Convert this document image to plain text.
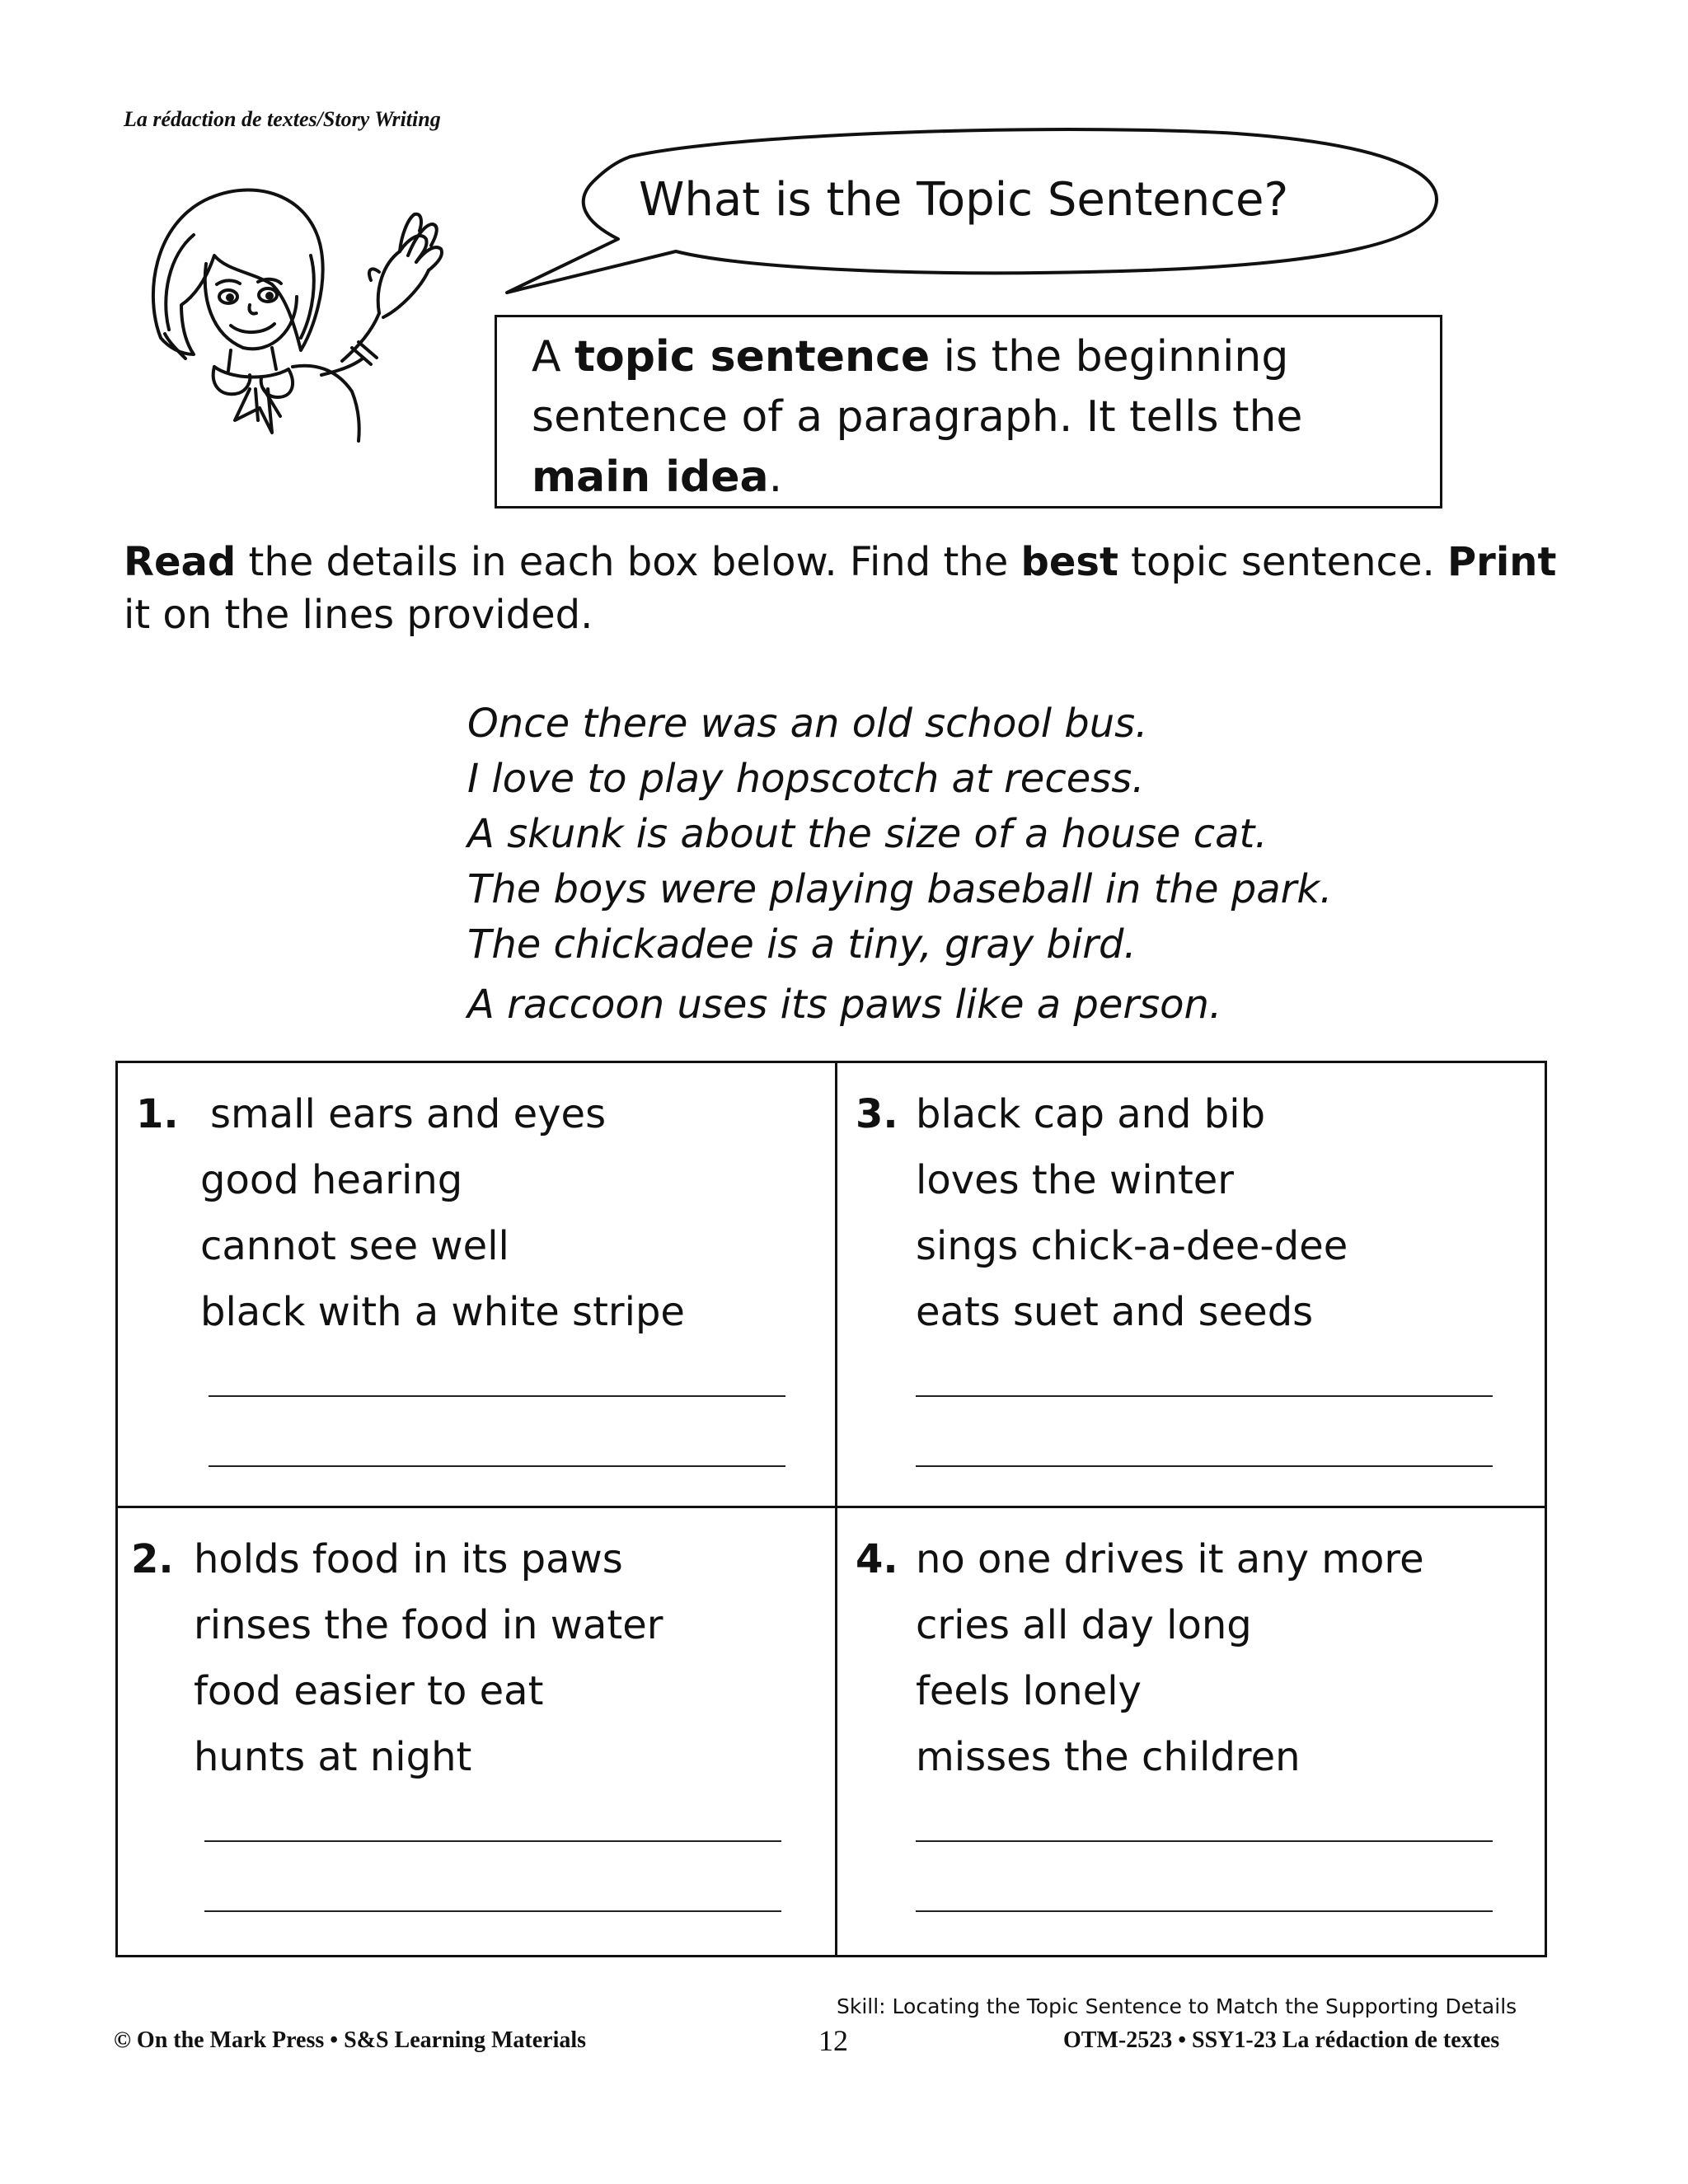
La rédaction de textes/Story Writing
What is the Topic Sentence?
A topic sentence is the beginning sentence of a paragraph. It tells the main idea.
Read the details in each box below. Find the best topic sentence. Print it on the lines provided.
Once there was an old school bus.
I love to play hopscotch at recess.
A skunk is about the size of a house cat.
The boys were playing baseball in the park.
The chickadee is a tiny, gray bird.
A raccoon uses its paws like a person.
1. small ears and eyes
good hearing
cannot see well
black with a white stripe
3. black cap and bib
loves the winter
sings chick-a-dee-dee
eats suet and seeds
2. holds food in its paws
rinses the food in water
food easier to eat
hunts at night
4. no one drives it any more
cries all day long
feels lonely
misses the children
Skill: Locating the Topic Sentence to Match the Supporting Details
© On the Mark Press • S&S Learning Materials	12	OTM-2523 • SSY1-23 La rédaction de textes
